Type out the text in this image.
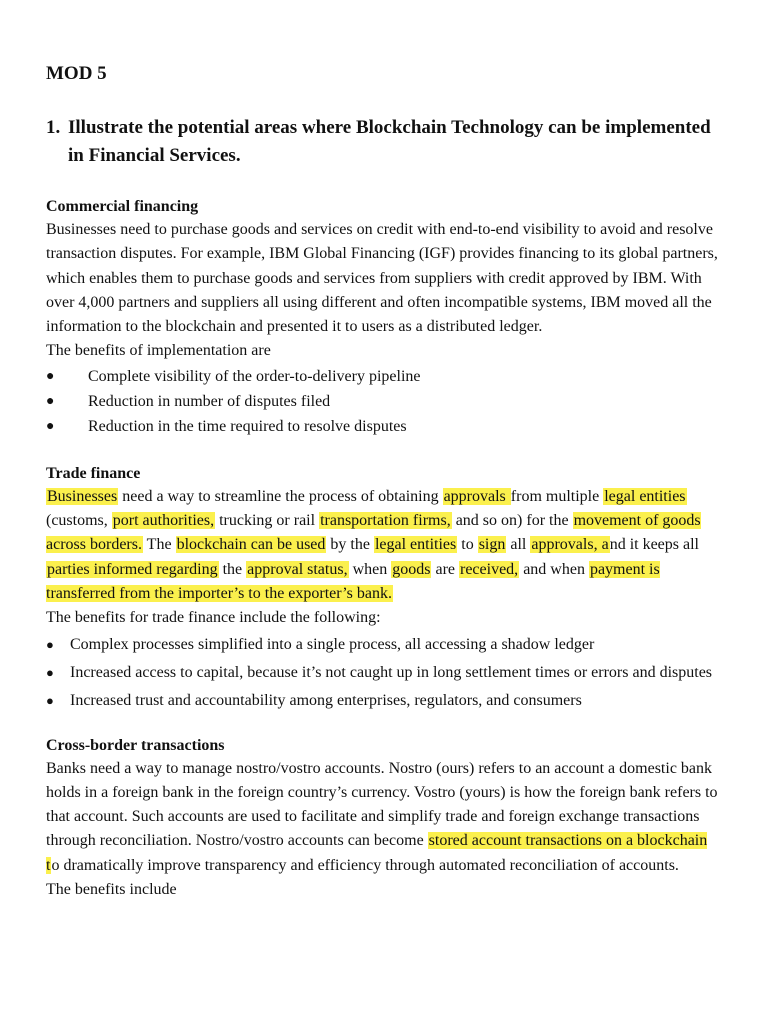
MOD 5
1. Illustrate the potential areas where Blockchain Technology can be implemented in Financial Services.
Commercial financing

Businesses need to purchase goods and services on credit with end-to-end visibility to avoid and resolve transaction disputes. For example, IBM Global Financing (IGF) provides financing to its global partners, which enables them to purchase goods and services from suppliers with credit approved by IBM. With over 4,000 partners and suppliers all using different and often incompatible systems, IBM moved all the information to the blockchain and presented it to users as a distributed ledger.

The benefits of implementation are

●	Complete visibility of the order-to-delivery pipeline
●	Reduction in number of disputes filed
●	Reduction in the time required to resolve disputes
Trade finance

Businesses need a way to streamline the process of obtaining approvals from multiple legal entities (customs, port authorities, trucking or rail transportation firms, and so on) for the movement of goods across borders. The blockchain can be used by the legal entities to sign all approvals, and it keeps all parties informed regarding the approval status, when goods are received, and when payment is transferred from the importer’s to the exporter’s bank.

The benefits for trade finance include the following:

●	Complex processes simplified into a single process, all accessing a shadow ledger
●	Increased access to capital, because it’s not caught up in long settlement times or errors and disputes
●	Increased trust and accountability among enterprises, regulators, and consumers
Cross-border transactions

Banks need a way to manage nostro/vostro accounts. Nostro (ours) refers to an account a domestic bank holds in a foreign bank in the foreign country’s currency. Vostro (yours) is how the foreign bank refers to that account. Such accounts are used to facilitate and simplify trade and foreign exchange transactions through reconciliation. Nostro/vostro accounts can become stored account transactions on a blockchain to dramatically improve transparency and efficiency through automated reconciliation of accounts.

The benefits include
